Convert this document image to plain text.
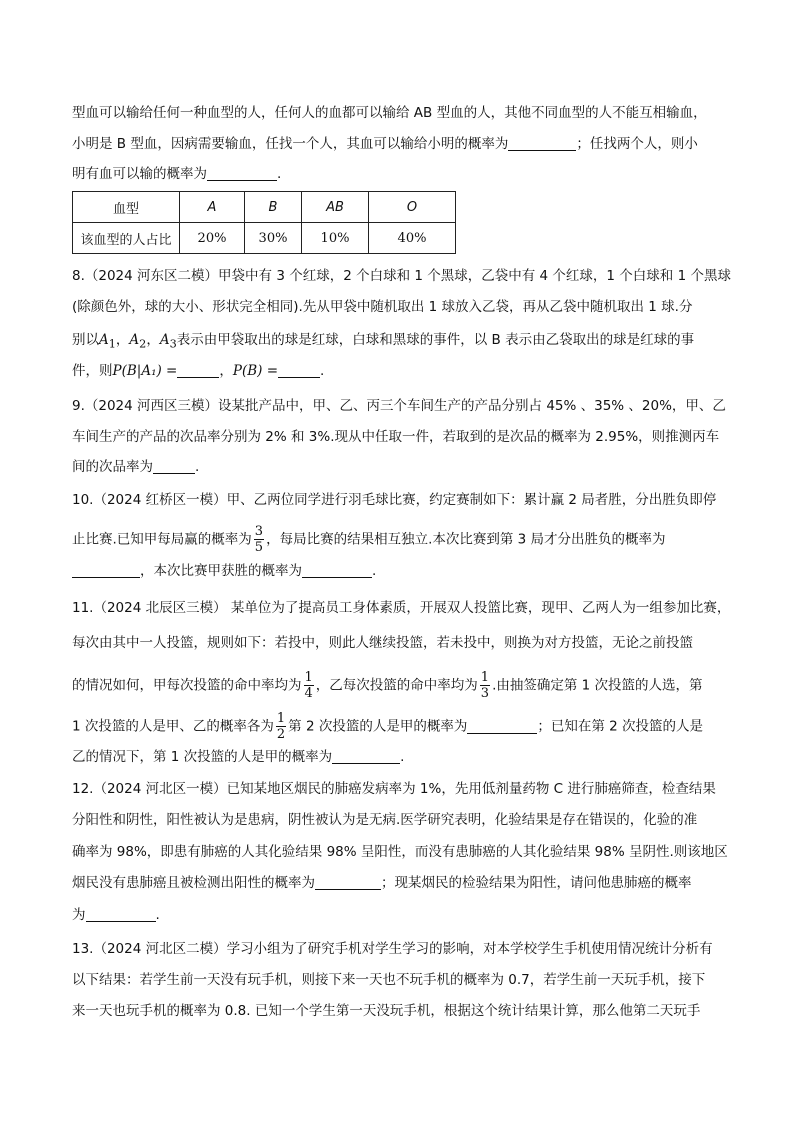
型血可以输给任何一种血型的人，任何人的血都可以输给 AB 型血的人，其他不同血型的人不能互相输血，
小明是 B 型血，因病需要输血，任找一个人，其血可以输给小明的概率为	；任找两个人，则小
明有血可以输的概率为	.
血型	A	B	AB	O
该血型的人占比	20%	30%	10%	40%
8.（2024 河东区二模）甲袋中有 3 个红球，2 个白球和 1 个黑球，乙袋中有 4 个红球，1 个白球和 1 个黑球
(除颜色外，球的大小、形状完全相同).先从甲袋中随机取出 1 球放入乙袋，再从乙袋中随机取出 1 球.分
别以$A_1$，$A_2$，$A_3$表示由甲袋取出的球是红球，白球和黑球的事件，以 B 表示由乙袋取出的球是红球的事
件，则P(B|A₁) =	，P(B) =	.
9.（2024 河西区三模）设某批产品中，甲、乙、丙三个车间生产的产品分别占 45% 、35% 、20%，甲、乙
车间生产的产品的次品率分别为 2% 和 3%.现从中任取一件，若取到的是次品的概率为 2.95%，则推测丙车
间的次品率为	.
10.（2024 红桥区一模）甲、乙两位同学进行羽毛球比赛，约定赛制如下：累计赢 2 局者胜，分出胜负即停
止比赛.已知甲每局赢的概率为 $\frac{3}{5}$ ，每局比赛的结果相互独立.本次比赛到第 3 局才分出胜负的概率为
，本次比赛甲获胜的概率为	.
11.（2024 北辰区三模） 某单位为了提高员工身体素质，开展双人投篮比赛，现甲、乙两人为一组参加比赛，
每次由其中一人投篮，规则如下：若投中，则此人继续投篮，若未投中，则换为对方投篮，无论之前投篮
的情况如何，甲每次投篮的命中率均为 $\frac{1}{4}$ ，乙每次投篮的命中率均为 $\frac{1}{3}$ .由抽签确定第 1 次投篮的人选，第
1 次投篮的人是甲、乙的概率各为 $\frac{1}{2}$ 第 2 次投篮的人是甲的概率为	；已知在第 2 次投篮的人是
乙的情况下，第 1 次投篮的人是甲的概率为	.
12.（2024 河北区一模）已知某地区烟民的肺癌发病率为 1%，先用低剂量药物 C 进行肺癌筛查，检查结果
分阳性和阴性，阳性被认为是患病，阴性被认为是无病.医学研究表明，化验结果是存在错误的，化验的准
确率为 98%，即患有肺癌的人其化验结果 98% 呈阳性，而没有患肺癌的人其化验结果 98% 呈阴性.则该地区
烟民没有患肺癌且被检测出阳性的概率为	；现某烟民的检验结果为阳性，请问他患肺癌的概率
为	.
13.（2024 河北区二模）学习小组为了研究手机对学生学习的影响，对本学校学生手机使用情况统计分析有
以下结果：若学生前一天没有玩手机，则接下来一天也不玩手机的概率为 0.7，若学生前一天玩手机，接下
来一天也玩手机的概率为 0.8. 已知一个学生第一天没玩手机，根据这个统计结果计算，那么他第二天玩手
